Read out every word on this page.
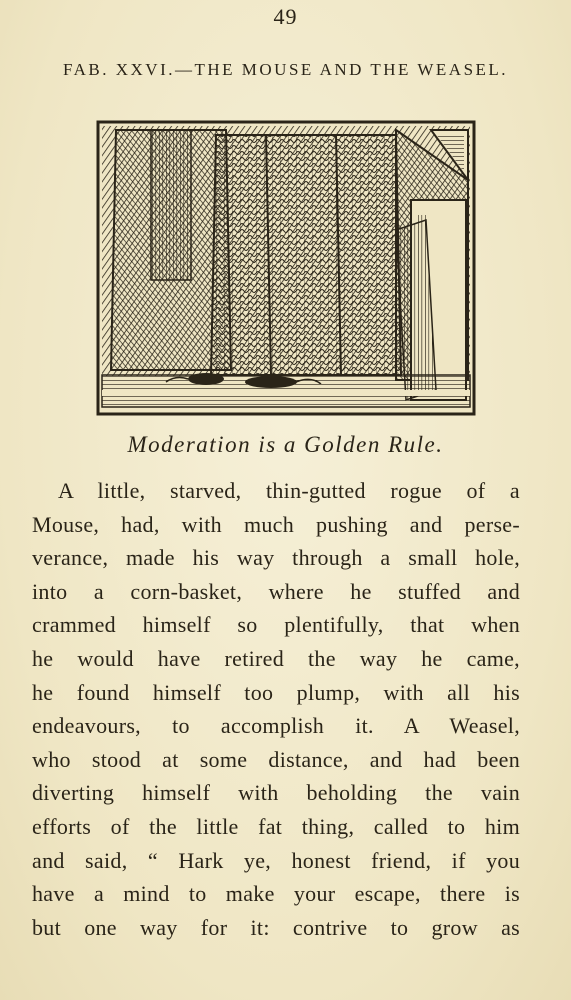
49
FAB. XXVI.—THE MOUSE AND THE WEASEL.
Moderation is a Golden Rule.
A little, starved, thin-gutted rogue of a
Mouse, had, with much pushing and perse-
verance, made his way through a small hole,
into a corn-basket, where he stuffed and
crammed himself so plentifully, that when
he would have retired the way he came,
he found himself too plump, with all his
endeavours, to accomplish it. A Weasel,
who stood at some distance, and had been
diverting himself with beholding the vain
efforts of the little fat thing, called to him
and said, “ Hark ye, honest friend, if you
have a mind to make your escape, there is
but one way for it: contrive to grow as
